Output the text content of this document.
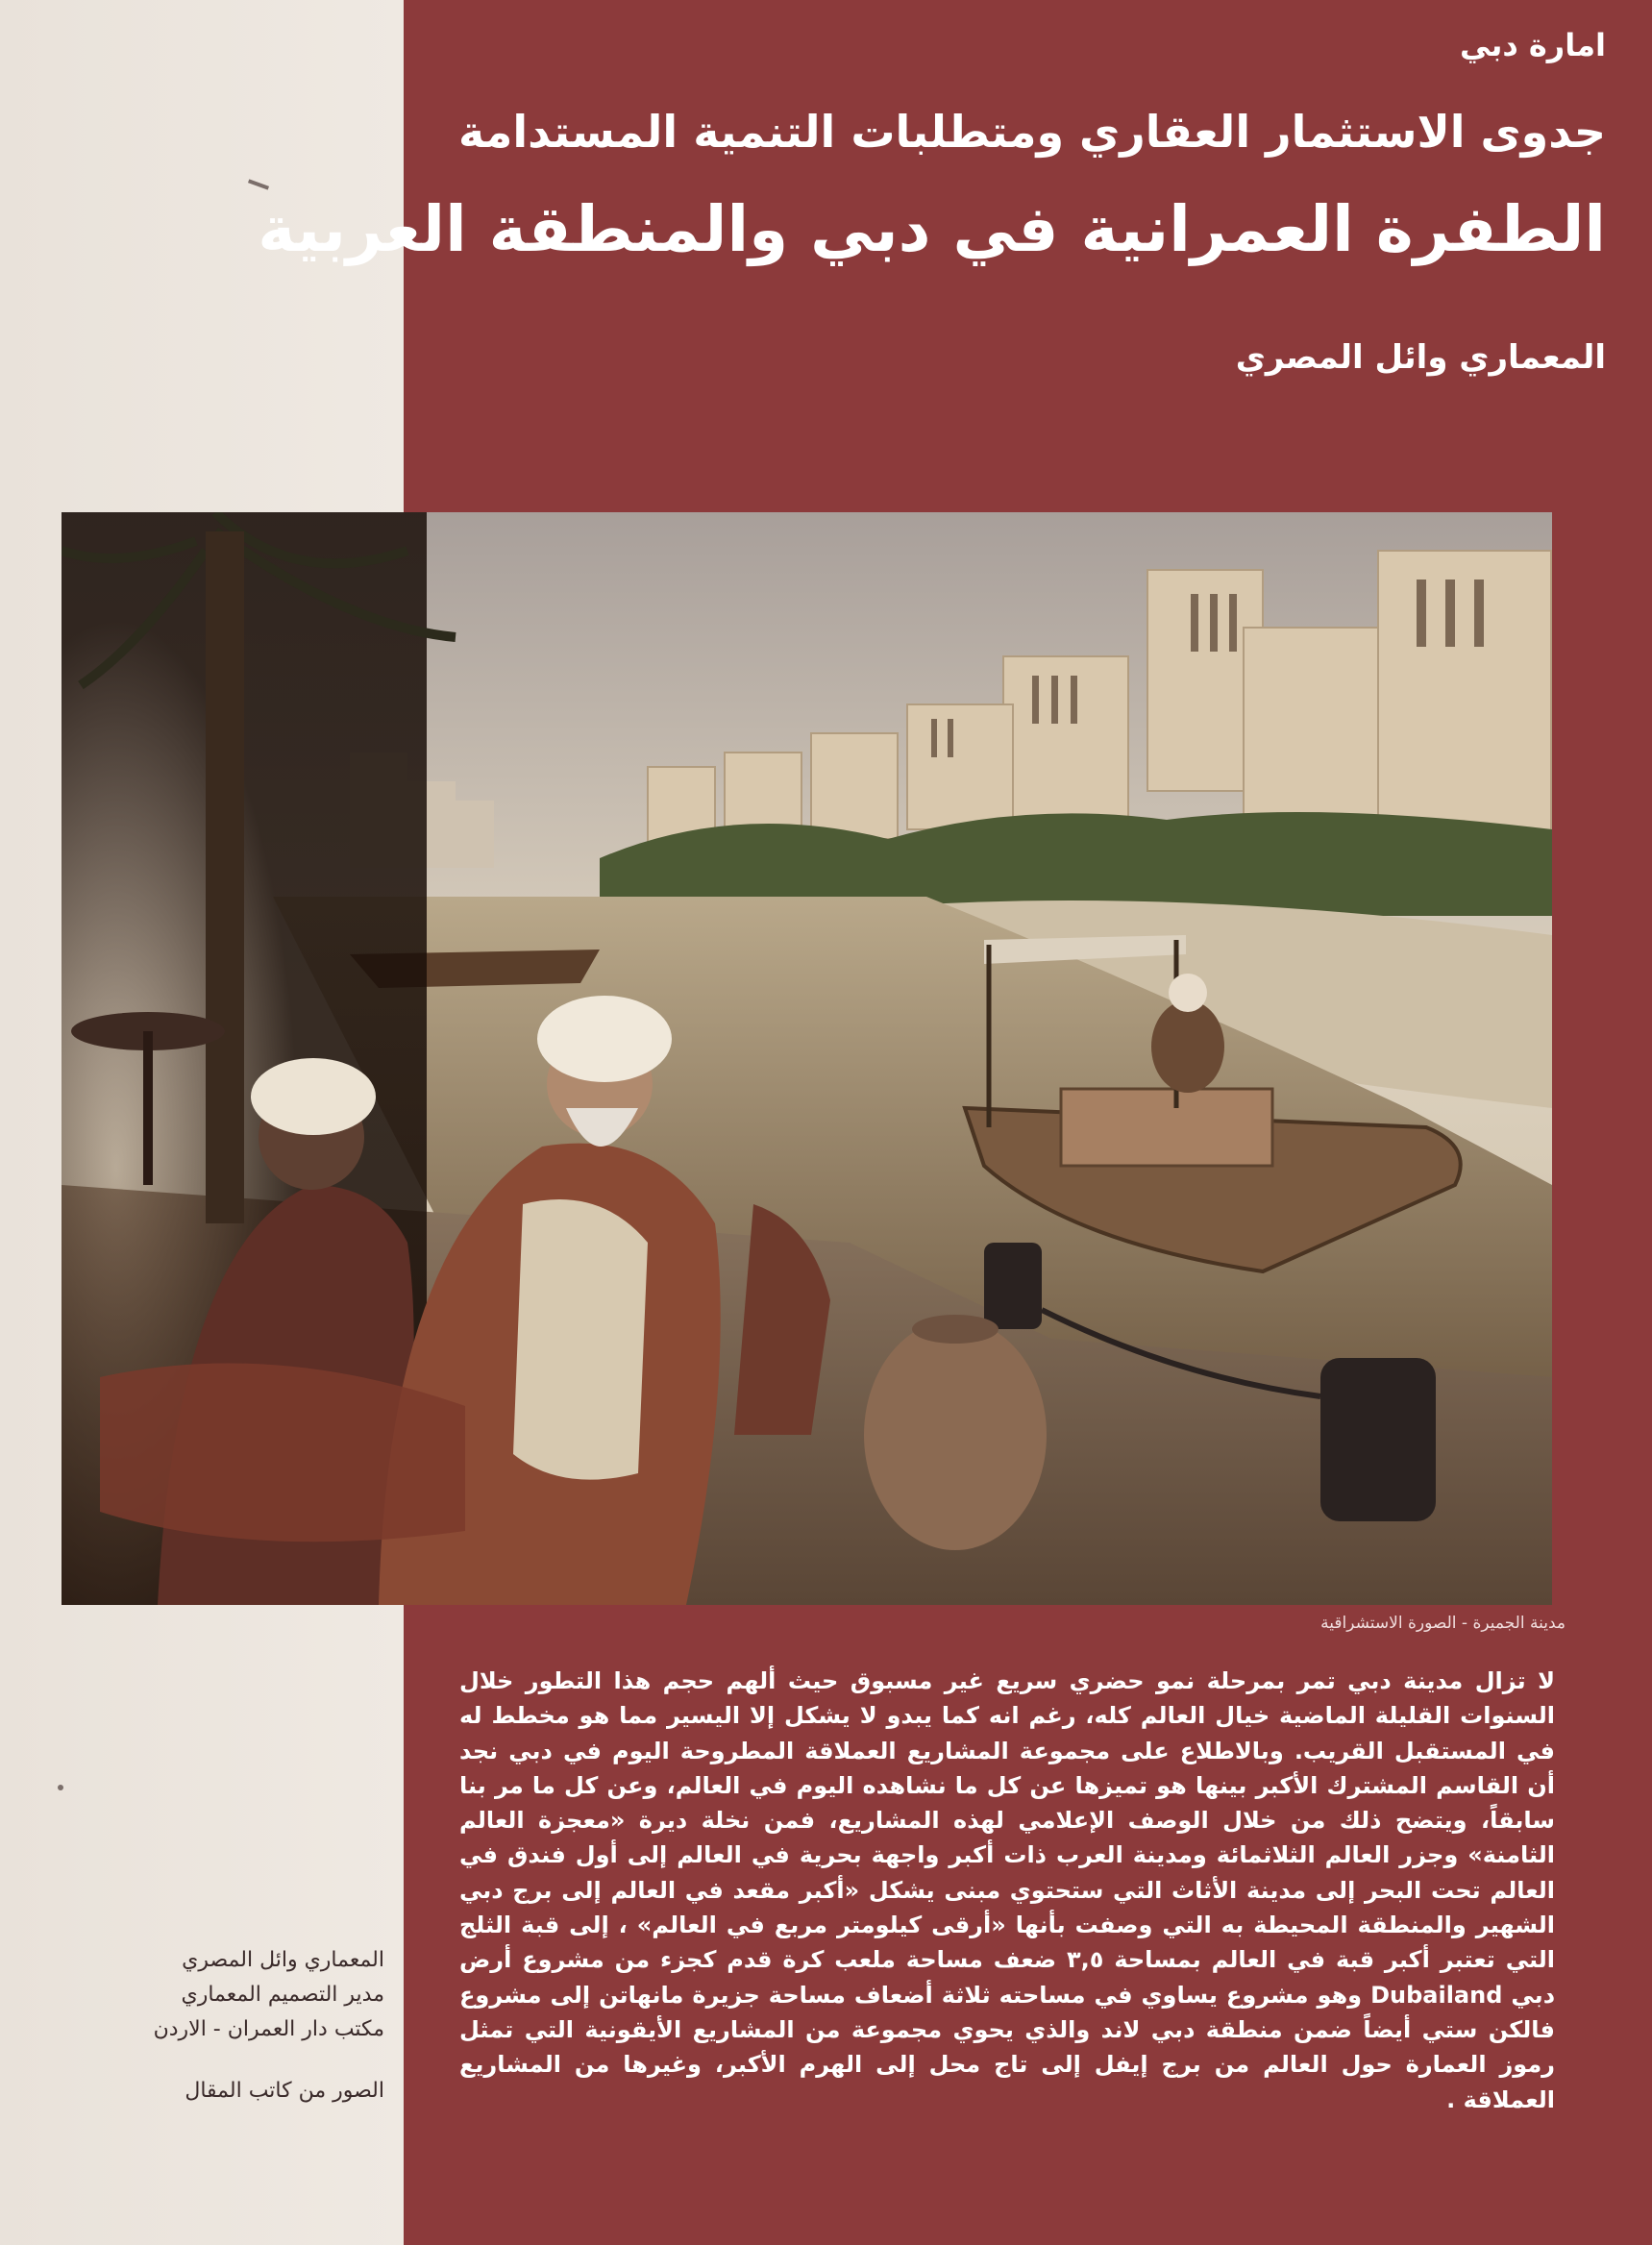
امارة دبي
جدوى الاستثمار العقاري ومتطلبات التنمية المستدامة
الطفرة العمرانية في دبي والمنطقة العربية
المعماري وائل المصري
مدينة الجميرة - الصورة الاستشراقية

لا تزال مدينة دبي تمر بمرحلة نمو حضري سريع غير مسبوق حيث ألهم حجم هذا التطور خلال السنوات القليلة الماضية خيال العالم كله، رغم انه كما يبدو لا يشكل إلا اليسير مما هو مخطط له في المستقبل القريب. وبالاطلاع على مجموعة المشاريع العملاقة المطروحة اليوم في دبي نجد أن القاسم المشترك الأكبر بينها هو تميزها عن كل ما نشاهده اليوم في العالم، وعن كل ما مر بنا سابقاً، ويتضح ذلك من خلال الوصف الإعلامي لهذه المشاريع، فمن نخلة ديرة «معجزة العالم الثامنة» وجزر العالم الثلاثمائة ومدينة العرب ذات أكبر واجهة بحرية في العالم إلى أول فندق في العالم تحت البحر إلى مدينة الأثاث التي ستحتوي مبنى يشكل «أكبر مقعد في العالم إلى برج دبي الشهير والمنطقة المحيطة به التي وصفت بأنها «أرقى كيلومتر مربع في العالم» ، إلى قبة الثلج التي تعتبر أكبر قبة في العالم بمساحة ٣,٥ ضعف مساحة ملعب كرة قدم كجزء من مشروع أرض دبي Dubailand وهو مشروع يساوي في مساحته ثلاثة أضعاف مساحة جزيرة مانهاتن إلى مشروع فالكن ستي أيضاً ضمن منطقة دبي لاند والذي يحوي مجموعة من المشاريع الأيقونية التي تمثل رموز العمارة حول العالم من برج إيفل إلى تاج محل إلى الهرم الأكبر، وغيرها من المشاريع العملاقة .

المعماري وائل المصري
مدير التصميم المعماري
مكتب دار العمران - الاردن
الصور من كاتب المقال
